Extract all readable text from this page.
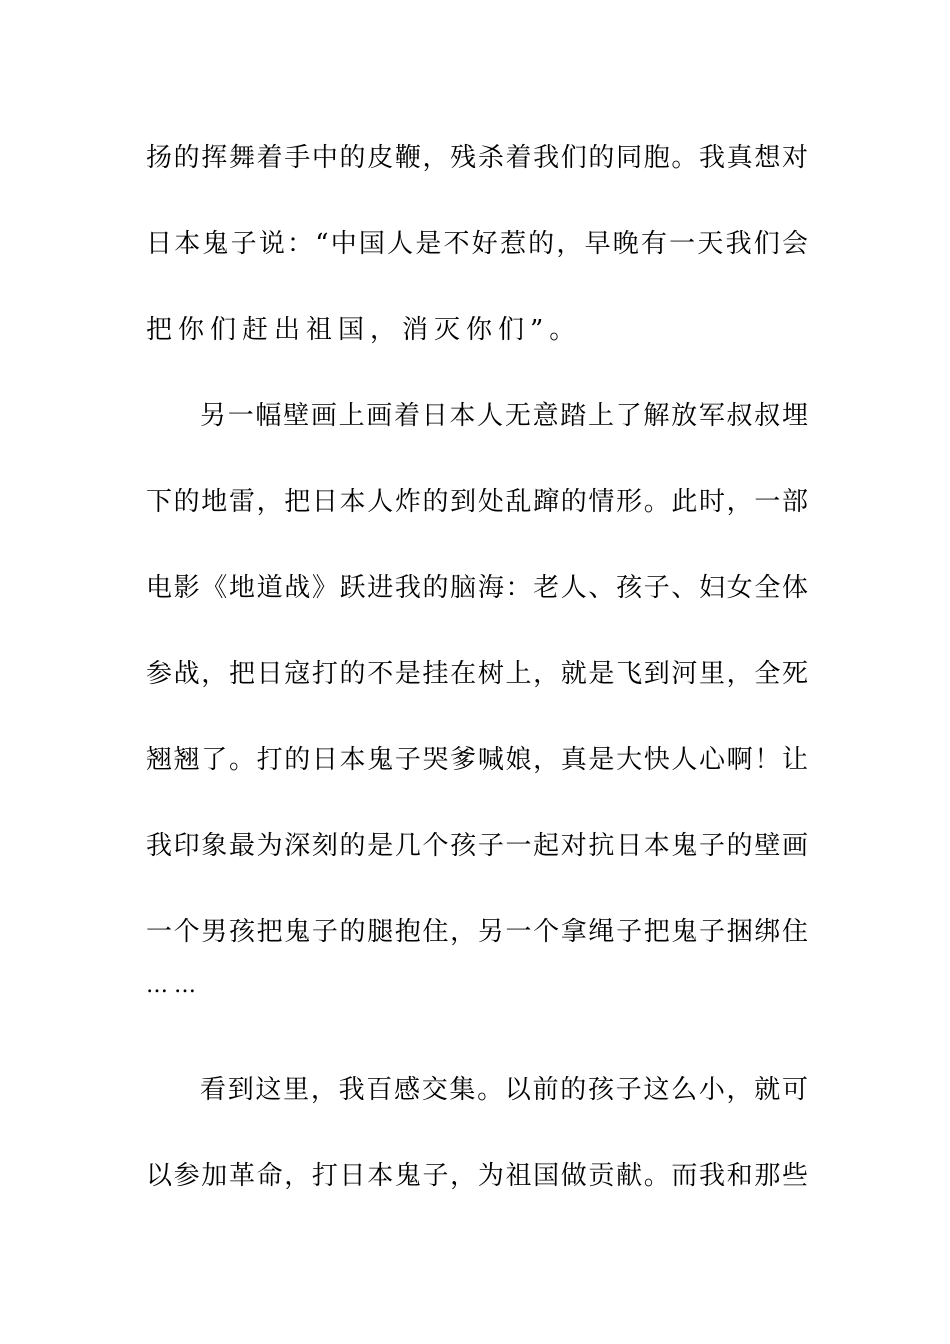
扬的挥舞着手中的皮鞭，残杀着我们的同胞。我真想对
日本鬼子说：“中国人是不好惹的，早晚有一天我们会
把你们赶出祖国，消灭你们”。
另一幅壁画上画着日本人无意踏上了解放军叔叔埋
下的地雷，把日本人炸的到处乱蹿的情形。此时，一部
电影《地道战》跃进我的脑海：老人、孩子、妇女全体
参战，把日寇打的不是挂在树上，就是飞到河里，全死
翘翘了。打的日本鬼子哭爹喊娘，真是大快人心啊！让
我印象最为深刻的是几个孩子一起对抗日本鬼子的壁画
一个男孩把鬼子的腿抱住，另一个拿绳子把鬼子捆绑住
……
看到这里，我百感交集。以前的孩子这么小，就可
以参加革命，打日本鬼子，为祖国做贡献。而我和那些
